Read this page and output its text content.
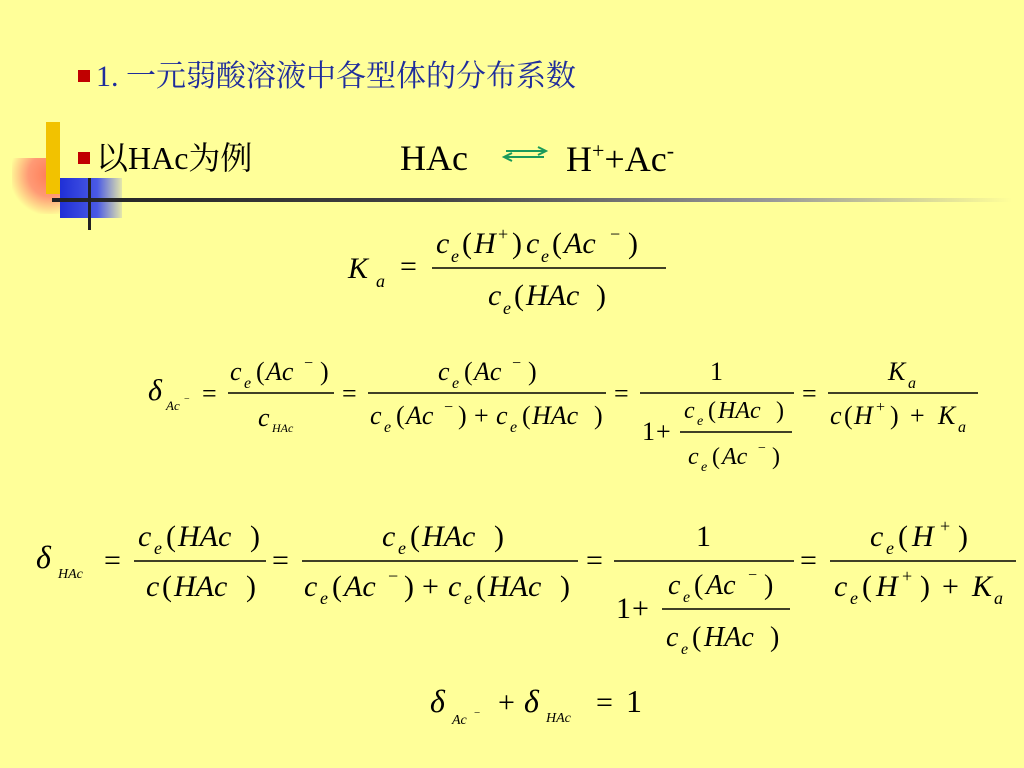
1. 一元弱酸溶液中各型体的分布系数
以HAc为例	HAc ⇌ H++Ac-
K a =
c e ( H + ) c e ( Ac − )
c e ( HAc )
δ Ac − =
c e ( Ac − )
c HAc
=
c e ( Ac − )
c e ( Ac − ) + c e ( HAc )
=
1
1 +
c e ( HAc )
c e ( Ac − )
=
K a
c ( H + ) + K a
δ HAc =
c e ( HAc )
c ( HAc )
=
c e ( HAc )
c e ( Ac − ) + c e ( HAc )
=
1
1 +
c e ( Ac − )
c e ( HAc )
=
c e ( H + )
c e ( H + ) + K a
δ
Ac − + δ HAc = 1
